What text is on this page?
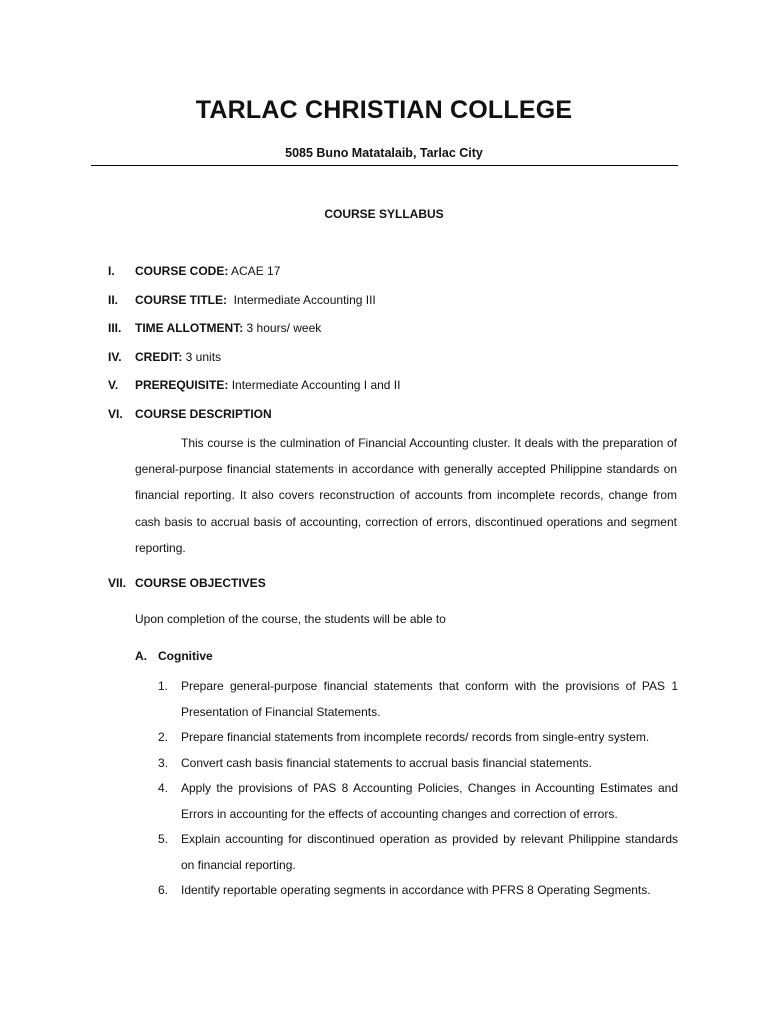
TARLAC CHRISTIAN COLLEGE
5085 Buno Matatalaib, Tarlac City
COURSE SYLLABUS
I. COURSE CODE: ACAE 17
II. COURSE TITLE:  Intermediate Accounting III
III. TIME ALLOTMENT: 3 hours/ week
IV. CREDIT: 3 units
V. PREREQUISITE: Intermediate Accounting I and II
VI. COURSE DESCRIPTION

This course is the culmination of Financial Accounting cluster. It deals with the preparation of general-purpose financial statements in accordance with generally accepted Philippine standards on financial reporting. It also covers reconstruction of accounts from incomplete records, change from cash basis to accrual basis of accounting, correction of errors, discontinued operations and segment reporting.

VII. COURSE OBJECTIVES
Upon completion of the course, the students will be able to
A. Cognitive
1. Prepare general-purpose financial statements that conform with the provisions of PAS 1 Presentation of Financial Statements.
2. Prepare financial statements from incomplete records/ records from single-entry system.
3. Convert cash basis financial statements to accrual basis financial statements.
4. Apply the provisions of PAS 8 Accounting Policies, Changes in Accounting Estimates and Errors in accounting for the effects of accounting changes and correction of errors.
5. Explain accounting for discontinued operation as provided by relevant Philippine standards on financial reporting.
6. Identify reportable operating segments in accordance with PFRS 8 Operating Segments.
